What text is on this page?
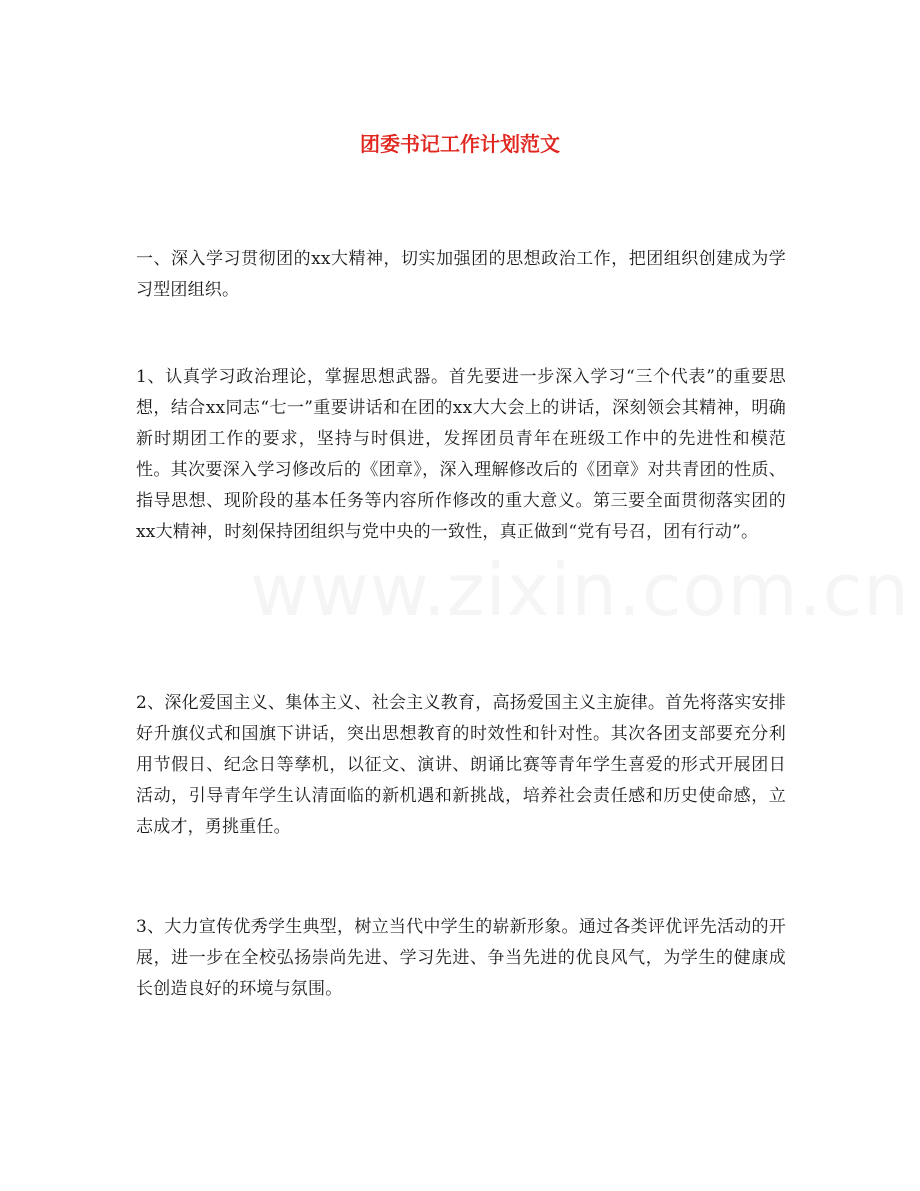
www.zixin.com.cn
团委书记工作计划范文

一、深入学习贯彻团的xx大精神，切实加强团的思想政治工作，把团组织创建成为学习型团组织。

1、认真学习政治理论，掌握思想武器。首先要进一步深入学习“三个代表”的重要思想，结合xx同志“七一”重要讲话和在团的xx大大会上的讲话，深刻领会其精神，明确新时期团工作的要求，坚持与时俱进，发挥团员青年在班级工作中的先进性和模范性。其次要深入学习修改后的《团章》，深入理解修改后的《团章》对共青团的性质、指导思想、现阶段的基本任务等内容所作修改的重大意义。第三要全面贯彻落实团的xx大精神，时刻保持团组织与党中央的一致性，真正做到“党有号召，团有行动”。

2、深化爱国主义、集体主义、社会主义教育，高扬爱国主义主旋律。首先将落实安排好升旗仪式和国旗下讲话，突出思想教育的时效性和针对性。其次各团支部要充分利用节假日、纪念日等孳机，以征文、演讲、朗诵比赛等青年学生喜爱的形式开展团日活动，引导青年学生认清面临的新机遇和新挑战，培养社会责任感和历史使命感，立志成才，勇挑重任。

3、大力宣传优秀学生典型，树立当代中学生的崭新形象。通过各类评优评先活动的开展，进一步在全校弘扬崇尚先进、学习先进、争当先进的优良风气，为学生的健康成长创造良好的环境与氛围。
